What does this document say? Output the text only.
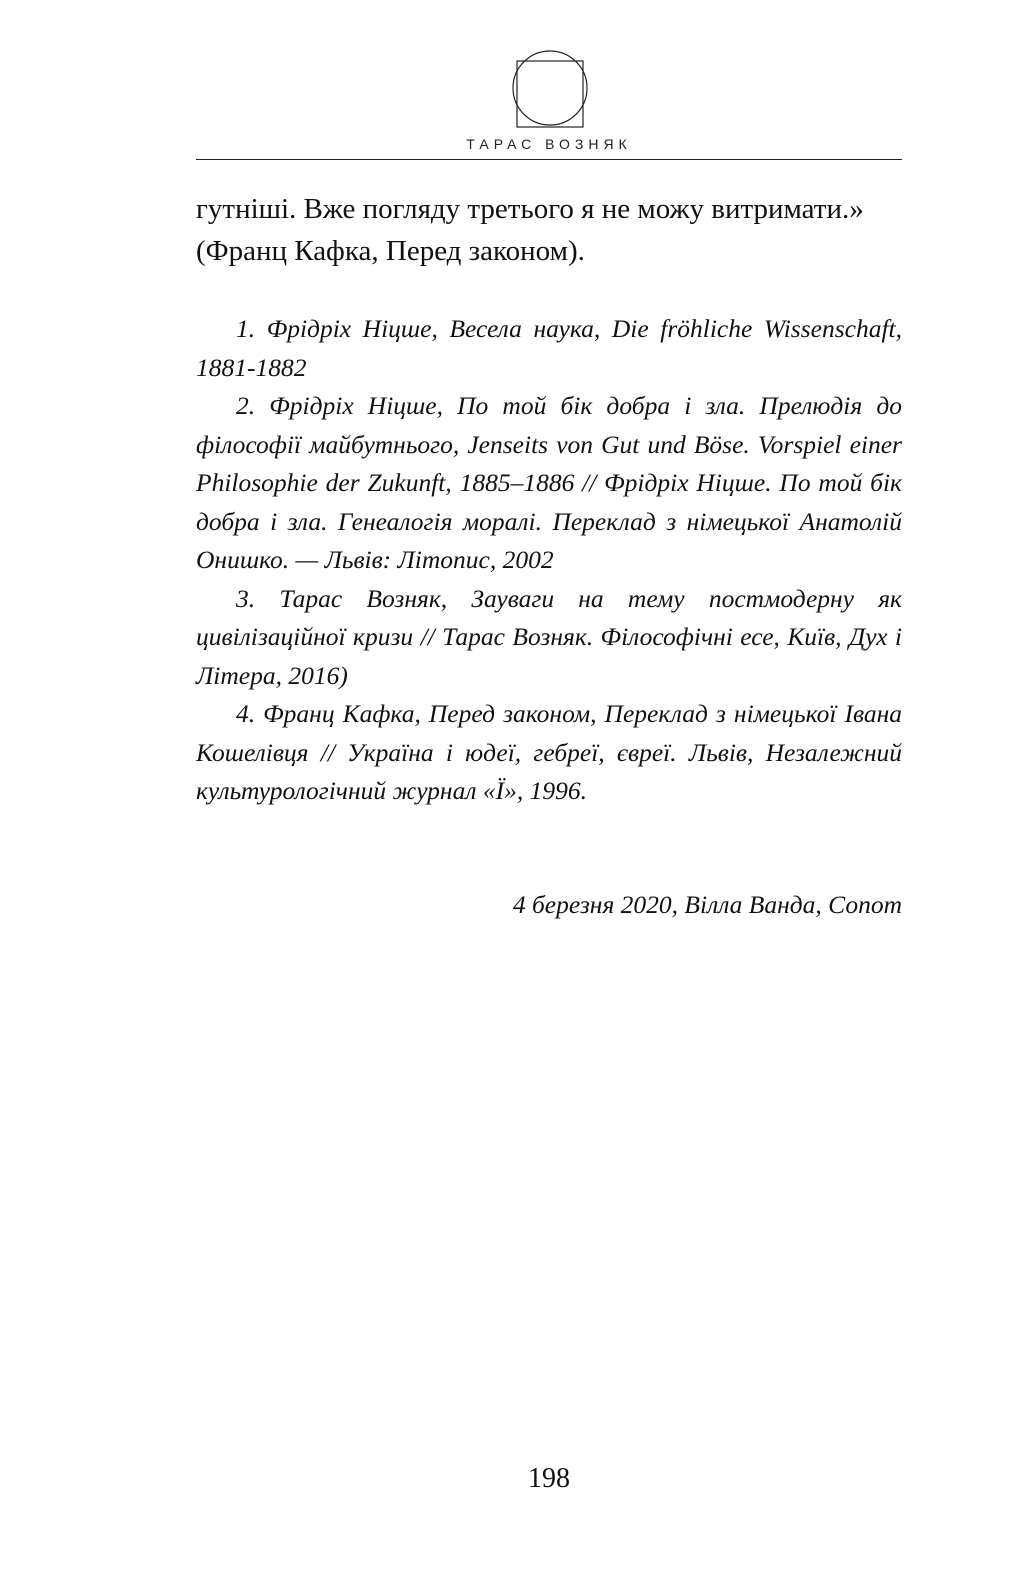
ТАРАС ВОЗНЯК

гутніші. Вже погляду третього я не можу витримати.»

(Франц Кафка, Перед законом).

1. Фрідріх Ніцше, Весела наука, Die fröhliche Wissenschaft, 1881-1882

2. Фрідріх Ніцше, По той бік добра і зла. Прелюдія до філософії майбутнього, Jenseits von Gut und Böse. Vorspiel einer Philosophie der Zukunft, 1885–1886 // Фрідріх Ніцше. По той бік добра і зла. Генеалогія моралі. Переклад з німецької Анатолій Онишко. — Львів: Літопис, 2002

3. Тарас Возняк, Зауваги на тему постмодерну як цивілізаційної кризи // Тарас Возняк. Філософічні есе, Київ, Дух і Літера, 2016)

4. Франц Кафка, Перед законом, Переклад з німецької Івана Кошелівця // Україна і юдеї, гебреї, євреї. Львів, Незалежний культурологічний журнал «Ї», 1996.

4 березня 2020, Вілла Ванда, Сопот
198
